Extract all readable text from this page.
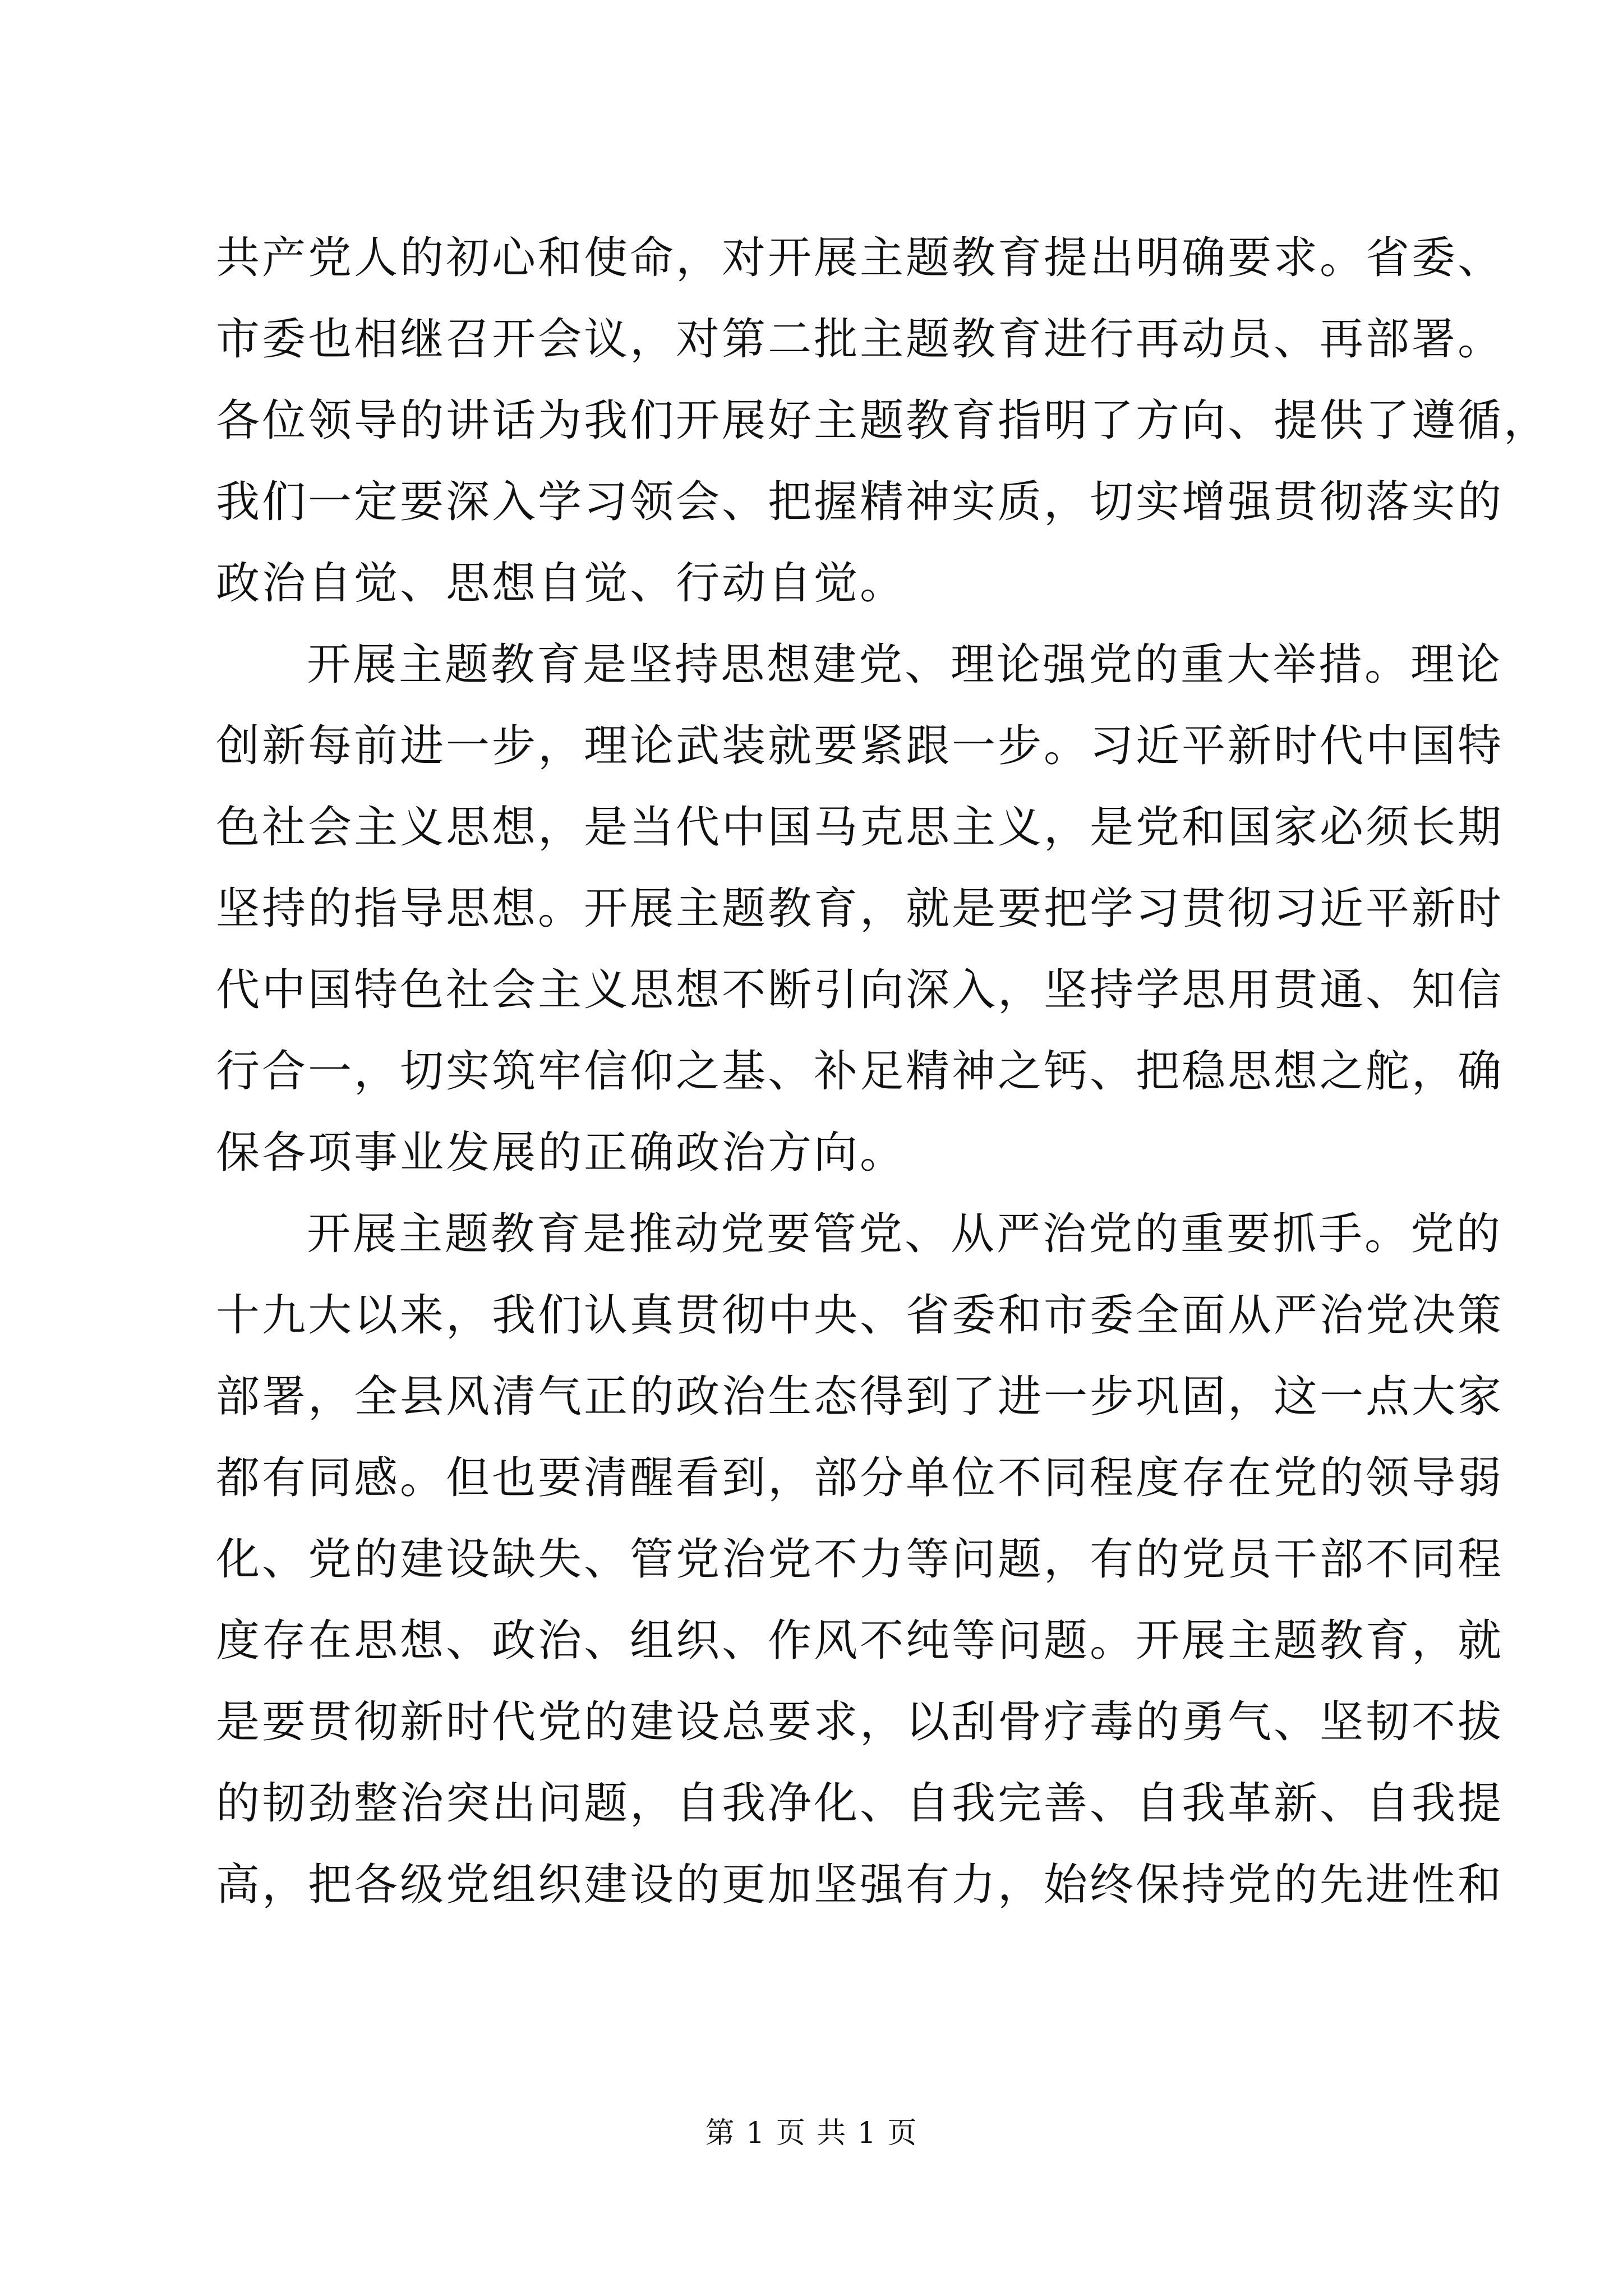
共产党人的初心和使命，对开展主题教育提出明确要求。省委、
市委也相继召开会议，对第二批主题教育进行再动员、再部署。
各位领导的讲话为我们开展好主题教育指明了方向、提供了遵循，
我们一定要深入学习领会、把握精神实质，切实增强贯彻落实的
政治自觉、思想自觉、行动自觉。
开展主题教育是坚持思想建党、理论强党的重大举措。理论
创新每前进一步，理论武装就要紧跟一步。习近平新时代中国特
色社会主义思想，是当代中国马克思主义，是党和国家必须长期
坚持的指导思想。开展主题教育，就是要把学习贯彻习近平新时
代中国特色社会主义思想不断引向深入，坚持学思用贯通、知信
行合一，切实筑牢信仰之基、补足精神之钙、把稳思想之舵，确
保各项事业发展的正确政治方向。
开展主题教育是推动党要管党、从严治党的重要抓手。党的
十九大以来，我们认真贯彻中央、省委和市委全面从严治党决策
部署，全县风清气正的政治生态得到了进一步巩固，这一点大家
都有同感。但也要清醒看到，部分单位不同程度存在党的领导弱
化、党的建设缺失、管党治党不力等问题，有的党员干部不同程
度存在思想、政治、组织、作风不纯等问题。开展主题教育，就
是要贯彻新时代党的建设总要求，以刮骨疗毒的勇气、坚韧不拔
的韧劲整治突出问题，自我净化、自我完善、自我革新、自我提
高，把各级党组织建设的更加坚强有力，始终保持党的先进性和
第 1 页 共 1 页
